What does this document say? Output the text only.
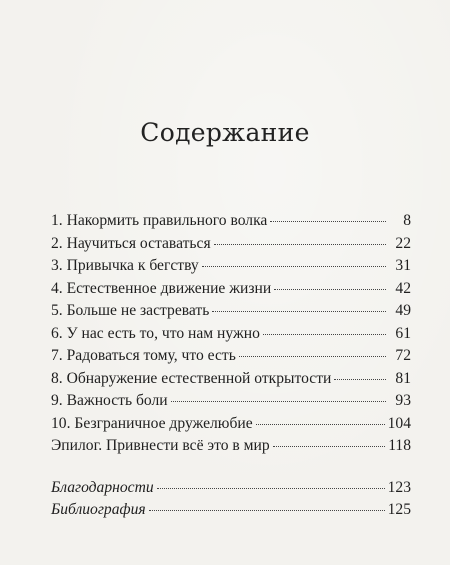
Содержание
1. Накормить правильного волка	8
2. Научиться оставаться	22
3. Привычка к бегству	31
4. Естественное движение жизни	42
5. Больше не застревать	49
6. У нас есть то, что нам нужно	61
7. Радоваться тому, что есть	72
8. Обнаружение естественной открытости	81
9. Важность боли	93
10. Безграничное дружелюбие	104
Эпилог. Привнести всё это в мир	118
Благодарности	123
Библиография	125
